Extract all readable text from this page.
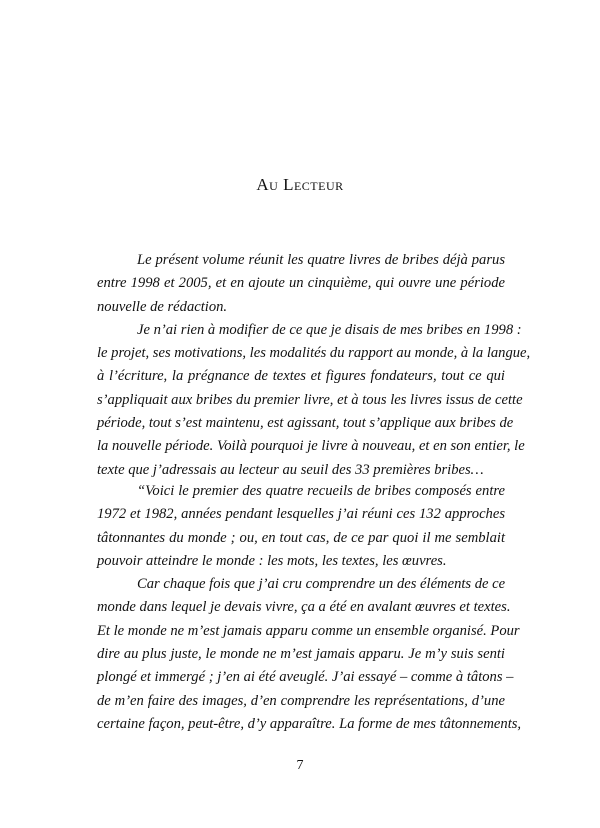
Au Lecteur
Le présent volume réunit les quatre livres de bribes déjà parus
entre 1998 et 2005, et en ajoute un cinquième, qui ouvre une période
nouvelle de rédaction.
Je n’ai rien à modifier de ce que je disais de mes bribes en 1998 :
le projet, ses motivations, les modalités du rapport au monde, à la langue,
à l’écriture, la prégnance de textes et figures fondateurs, tout ce qui
s’appliquait aux bribes du premier livre, et à tous les livres issus de cette
période, tout s’est maintenu, est agissant, tout s’applique aux bribes de
la nouvelle période. Voilà pourquoi je livre à nouveau, et en son entier, le
texte que j’adressais au lecteur au seuil des 33 premières bribes…
“Voici le premier des quatre recueils de bribes composés entre
1972 et 1982, années pendant lesquelles j’ai réuni ces 132 approches
tâtonnantes du monde ; ou, en tout cas, de ce par quoi il me semblait
pouvoir atteindre le monde : les mots, les textes, les œuvres.
Car chaque fois que j’ai cru comprendre un des éléments de ce
monde dans lequel je devais vivre, ça a été en avalant œuvres et textes.
Et le monde ne m’est jamais apparu comme un ensemble organisé. Pour
dire au plus juste, le monde ne m’est jamais apparu. Je m’y suis senti
plongé et immergé ; j’en ai été aveuglé. J’ai essayé – comme à tâtons –
de m’en faire des images, d’en comprendre les représentations, d’une
certaine façon, peut-être, d’y apparaître. La forme de mes tâtonnements,
7
